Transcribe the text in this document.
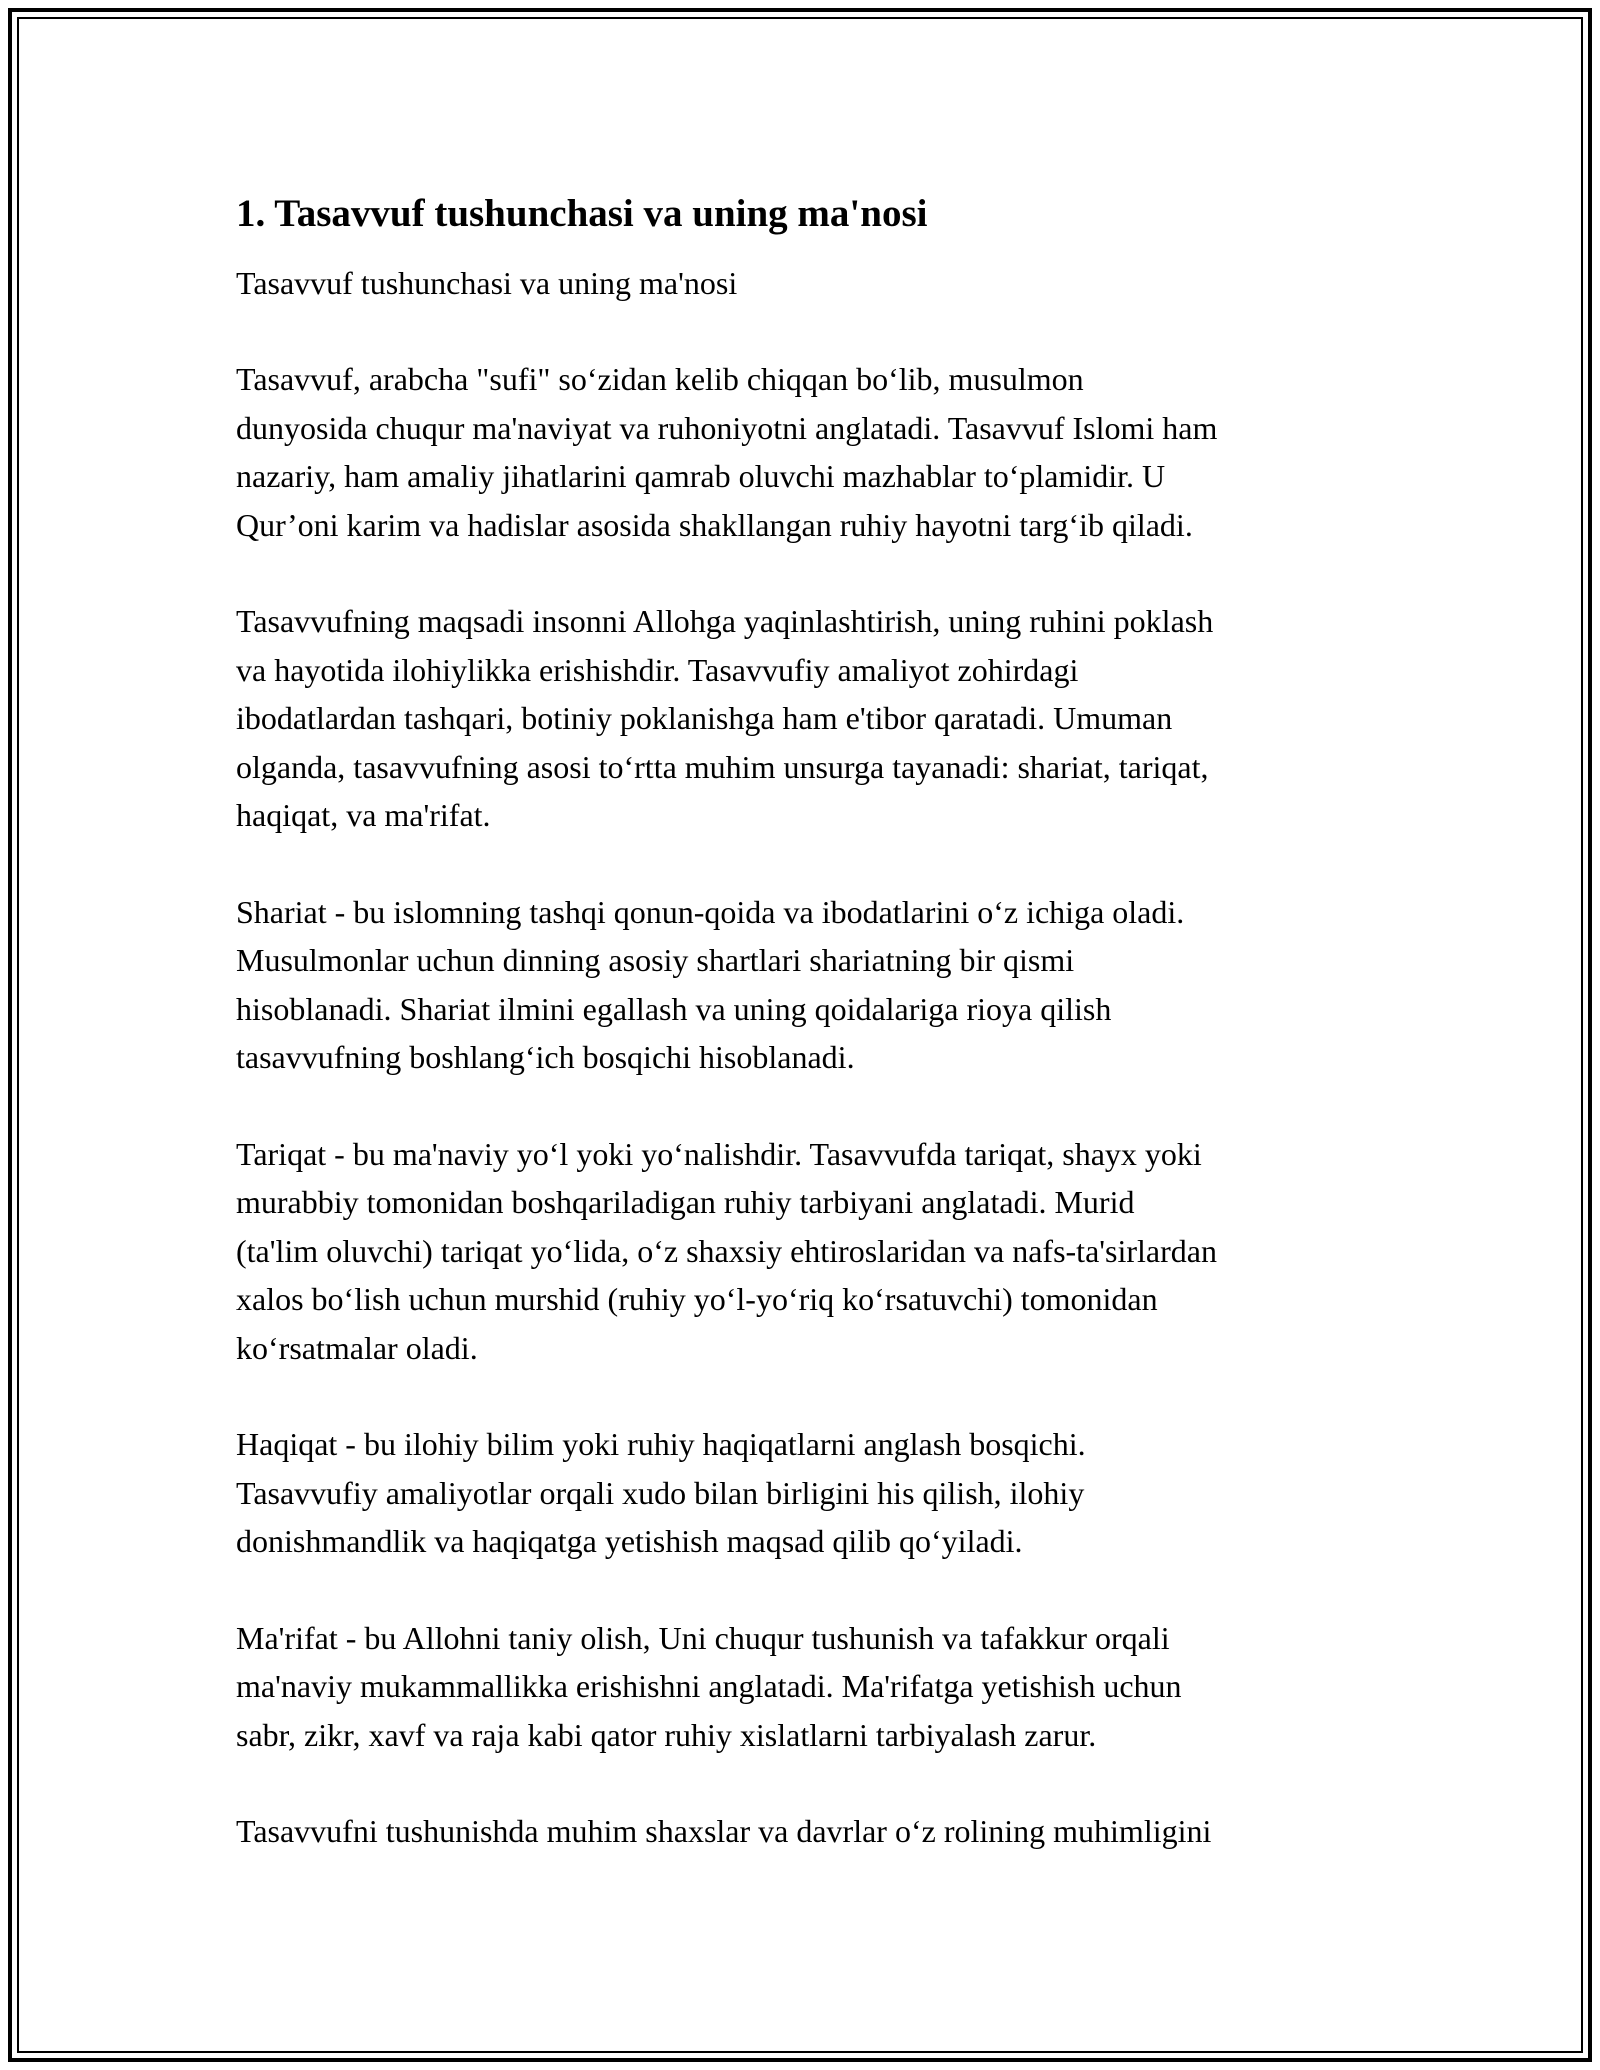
1. Tasavvuf tushunchasi va uning ma'nosi

Tasavvuf tushunchasi va uning ma'nosi

Tasavvuf, arabcha "sufi" so‘zidan kelib chiqqan bo‘lib, musulmon
dunyosida chuqur ma'naviyat va ruhoniyotni anglatadi. Tasavvuf Islomi ham
nazariy, ham amaliy jihatlarini qamrab oluvchi mazhablar to‘plamidir. U
Qur’oni karim va hadislar asosida shakllangan ruhiy hayotni targ‘ib qiladi.

Tasavvufning maqsadi insonni Allohga yaqinlashtirish, uning ruhini poklash
va hayotida ilohiylikka erishishdir. Tasavvufiy amaliyot zohirdagi
ibodatlardan tashqari, botiniy poklanishga ham e'tibor qaratadi. Umuman
olganda, tasavvufning asosi to‘rtta muhim unsurga tayanadi: shariat, tariqat,
haqiqat, va ma'rifat.

Shariat - bu islomning tashqi qonun-qoida va ibodatlarini o‘z ichiga oladi.
Musulmonlar uchun dinning asosiy shartlari shariatning bir qismi
hisoblanadi. Shariat ilmini egallash va uning qoidalariga rioya qilish
tasavvufning boshlang‘ich bosqichi hisoblanadi.

Tariqat - bu ma'naviy yo‘l yoki yo‘nalishdir. Tasavvufda tariqat, shayx yoki
murabbiy tomonidan boshqariladigan ruhiy tarbiyani anglatadi. Murid
(ta'lim oluvchi) tariqat yo‘lida, o‘z shaxsiy ehtiroslaridan va nafs-ta'sirlardan
xalos bo‘lish uchun murshid (ruhiy yo‘l-yo‘riq ko‘rsatuvchi) tomonidan
ko‘rsatmalar oladi.

Haqiqat - bu ilohiy bilim yoki ruhiy haqiqatlarni anglash bosqichi.
Tasavvufiy amaliyotlar orqali xudo bilan birligini his qilish, ilohiy
donishmandlik va haqiqatga yetishish maqsad qilib qo‘yiladi.

Ma'rifat - bu Allohni taniy olish, Uni chuqur tushunish va tafakkur orqali
ma'naviy mukammallikka erishishni anglatadi. Ma'rifatga yetishish uchun
sabr, zikr, xavf va raja kabi qator ruhiy xislatlarni tarbiyalash zarur.

Tasavvufni tushunishda muhim shaxslar va davrlar o‘z rolining muhimligini
